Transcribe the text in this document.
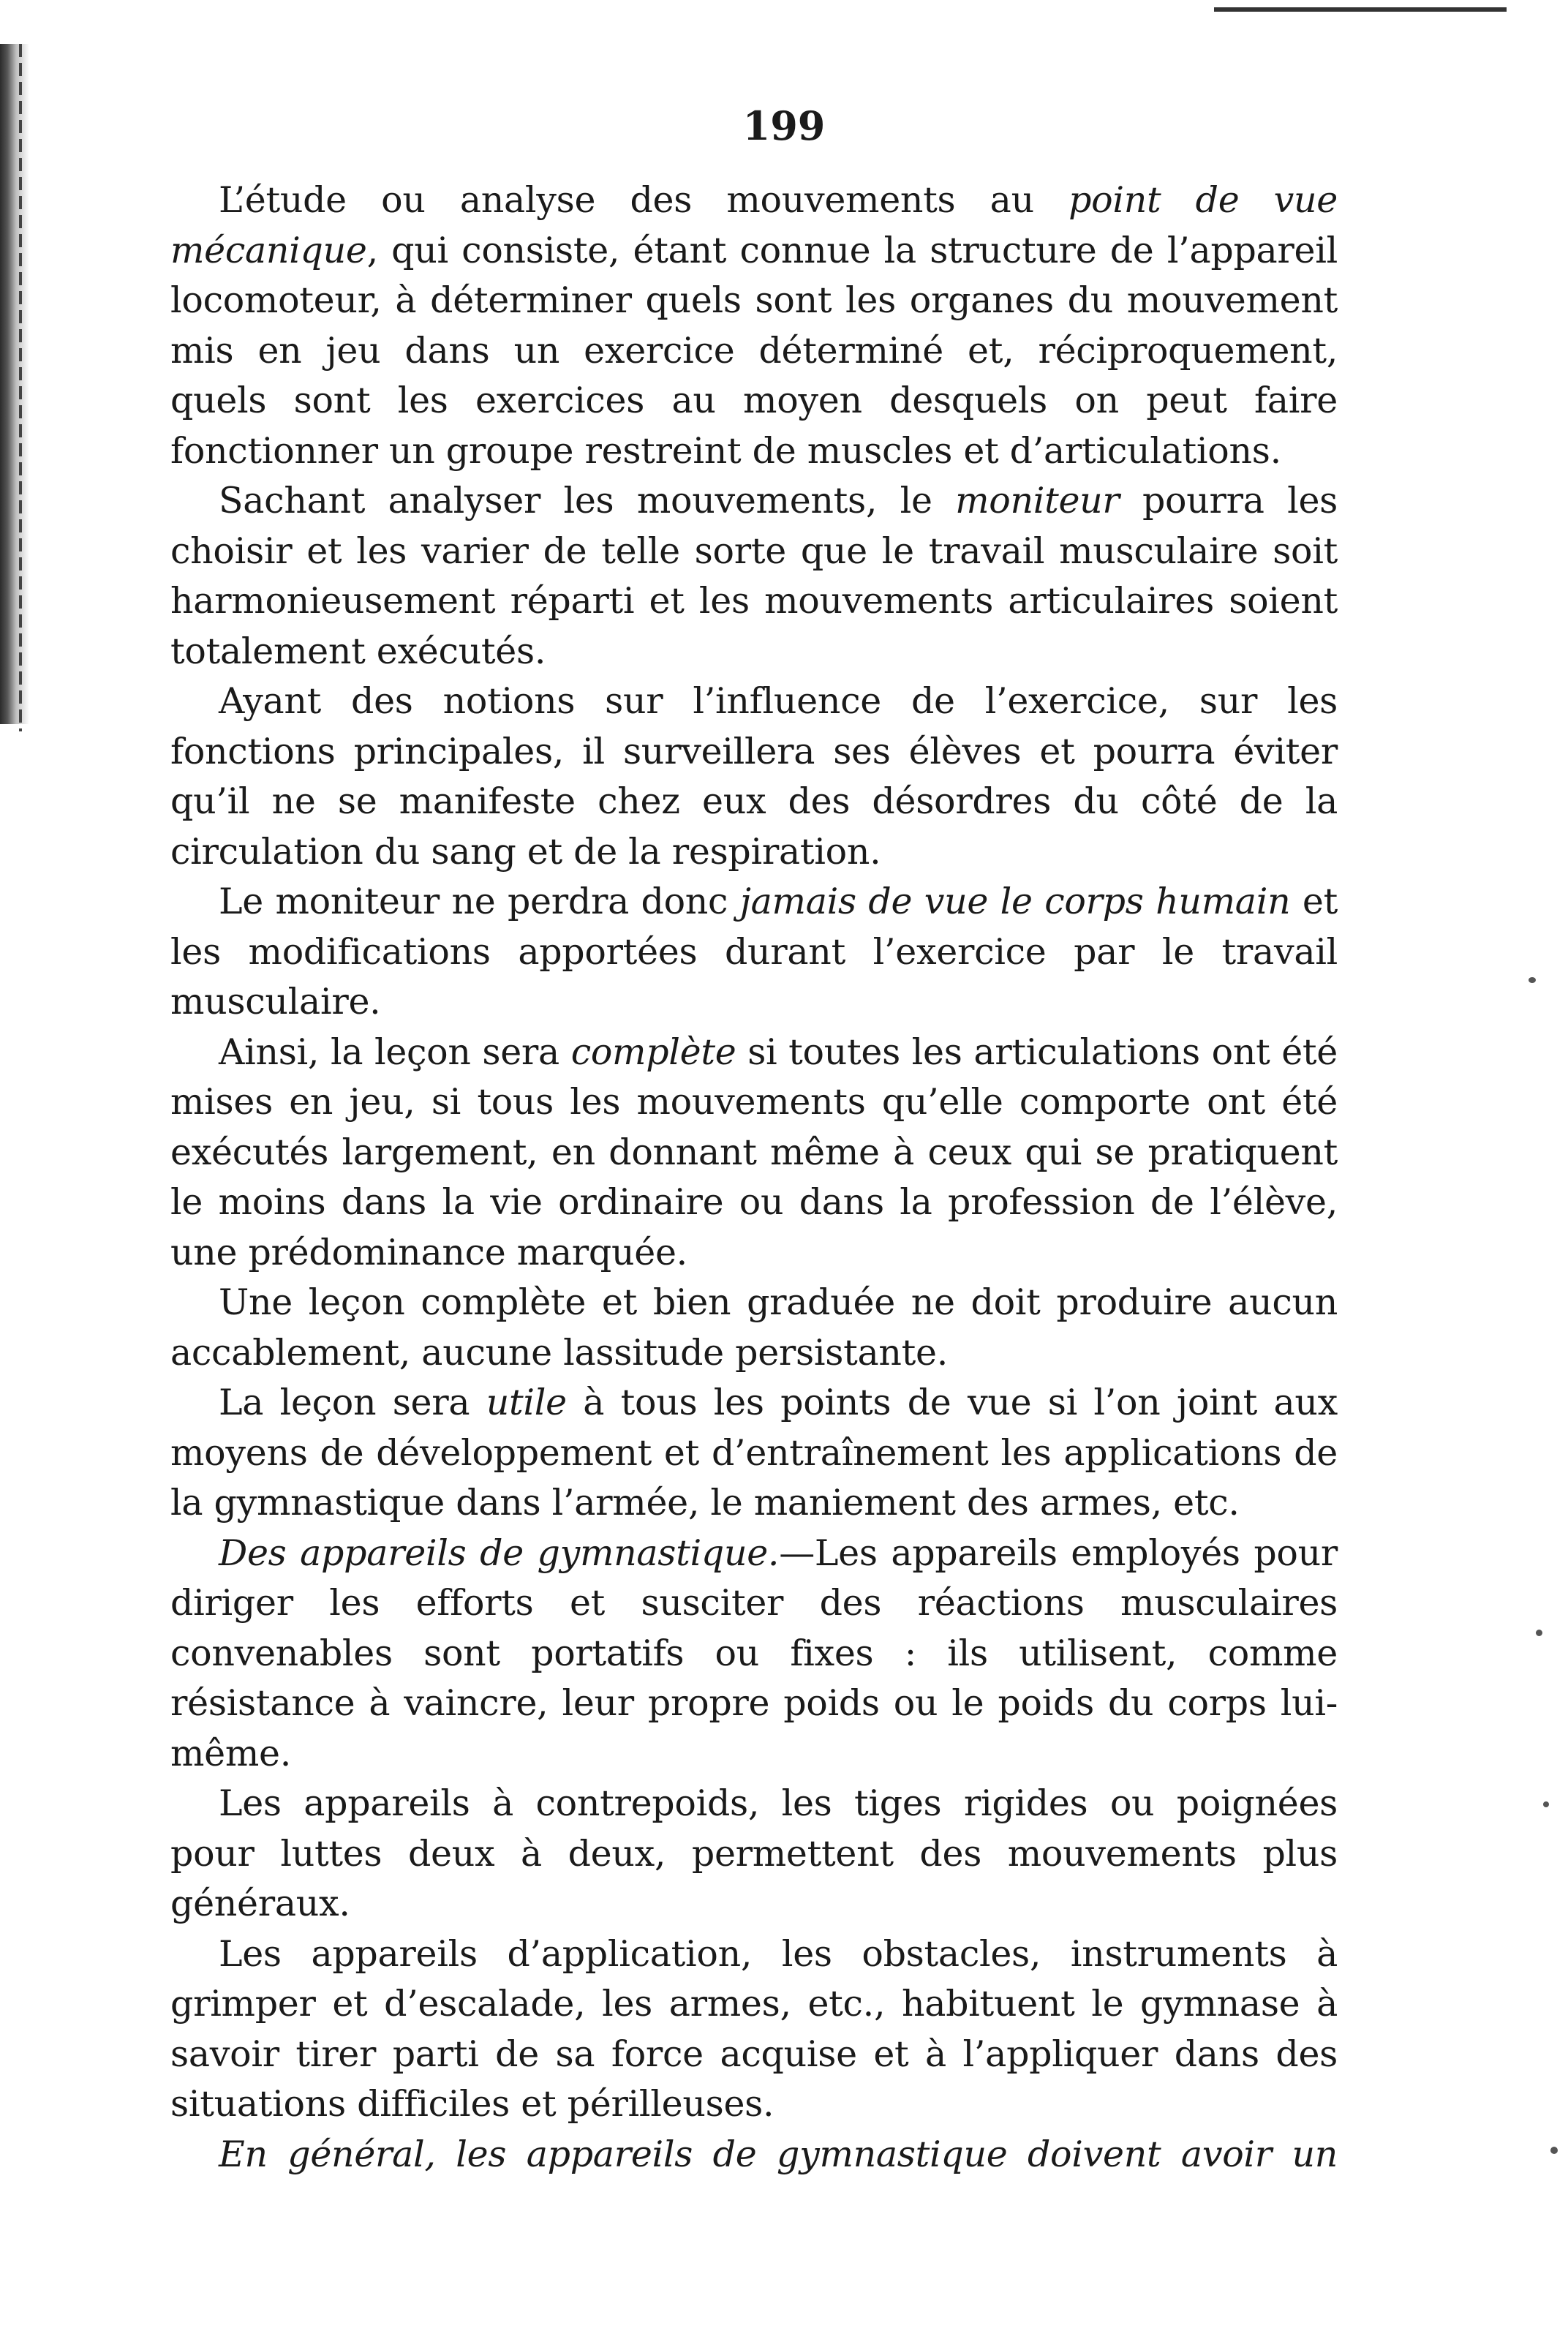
199

L’étude ou analyse des mouvements au point de vue mécanique, qui consiste, étant connue la structure de l’appareil locomoteur, à déterminer quels sont les organes du mouvement mis en jeu dans un exercice déterminé et, réciproquement, quels sont les exercices au moyen desquels on peut faire fonctionner un groupe restreint de muscles et d’articulations.

Sachant analyser les mouvements, le moniteur pourra les choisir et les varier de telle sorte que le travail musculaire soit harmonieusement réparti et les mouvements articulaires soient totalement exécutés.

Ayant des notions sur l’influence de l’exercice, sur les fonctions principales, il surveillera ses élèves et pourra éviter qu’il ne se manifeste chez eux des désordres du côté de la circulation du sang et de la respiration.

Le moniteur ne perdra donc jamais de vue le corps humain et les modifications apportées durant l’exercice par le travail musculaire.

Ainsi, la leçon sera complète si toutes les articulations ont été mises en jeu, si tous les mouvements qu’elle comporte ont été exécutés largement, en donnant même à ceux qui se pratiquent le moins dans la vie ordinaire ou dans la profession de l’élève, une prédominance marquée.

Une leçon complète et bien graduée ne doit produire aucun accablement, aucune lassitude persistante.

La leçon sera utile à tous les points de vue si l’on joint aux moyens de développement et d’entraînement les applications de la gymnastique dans l’armée, le maniement des armes, etc.

Des appareils de gymnastique.—Les appareils employés pour diriger les efforts et susciter des réactions musculaires convenables sont portatifs ou fixes : ils utilisent, comme résistance à vaincre, leur propre poids ou le poids du corps lui-même.

Les appareils à contrepoids, les tiges rigides ou poignées pour luttes deux à deux, permettent des mouvements plus généraux.

Les appareils d’application, les obstacles, instruments à grimper et d’escalade, les armes, etc., habituent le gymnase à savoir tirer parti de sa force acquise et à l’appliquer dans des situations difficiles et périlleuses.

En général, les appareils de gymnastique doivent avoir un
